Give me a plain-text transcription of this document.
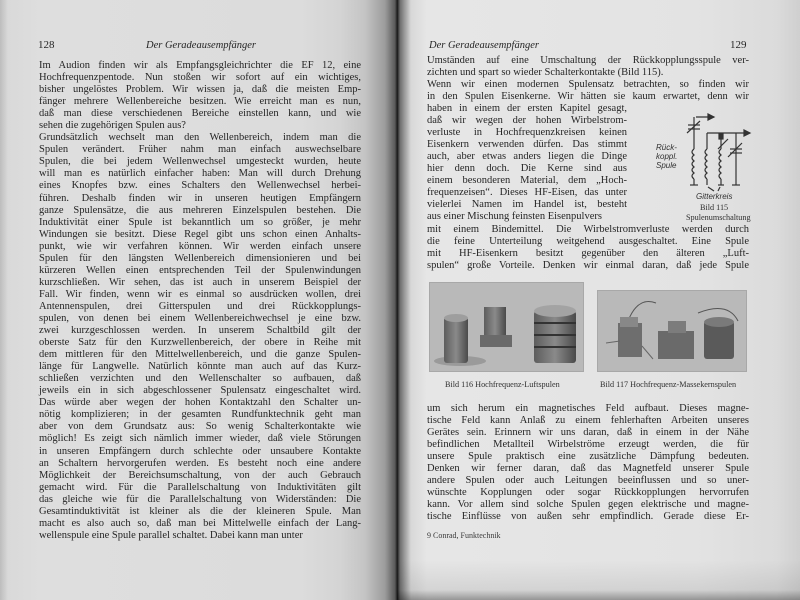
128	Der Geradeausempfänger
Im Audion finden wir als Empfangsgleichrichter die EF 12, eine
Hochfrequenzpentode. Nun stoßen wir sofort auf ein wichtiges,
bisher ungelöstes Problem. Wir wissen ja, daß die meisten Emp-
fänger mehrere Wellenbereiche besitzen. Wie erreicht man es nun,
daß man diese verschiedenen Bereiche einstellen kann, und wie
sehen die zugehörigen Spulen aus?
Grundsätzlich wechselt man den Wellenbereich, indem man die
Spulen verändert. Früher nahm man einfach auswechselbare
Spulen, die bei jedem Wellenwechsel umgesteckt wurden, heute
will man es natürlich einfacher haben: Man will durch Drehung
eines Knopfes bzw. eines Schalters den Wellenwechsel herbei-
führen. Deshalb finden wir in unseren heutigen Empfängern
ganze Spulensätze, die aus mehreren Einzelspulen bestehen. Die
Induktivität einer Spule ist bekanntlich um so größer, je mehr
Windungen sie besitzt. Diese Regel gibt uns schon einen Anhalts-
punkt, wie wir verfahren können. Wir werden einfach unsere
Spulen für den längsten Wellenbereich dimensionieren und bei
kürzeren Wellen einen entsprechenden Teil der Spulenwindungen
kurzschließen. Wir sehen, das ist auch in unserem Beispiel der
Fall. Wir finden, wenn wir es einmal so ausdrücken wollen, drei
Antennenspulen, drei Gitterspulen und drei Rückkopplungs-
spulen, von denen bei einem Wellenbereichwechsel je eine bzw.
zwei kurzgeschlossen werden. In unserem Schaltbild gilt der
oberste Satz für den Kurzwellenbereich, der obere in Reihe mit
dem mittleren für den Mittelwellenbereich, und die ganze Spulen-
länge für Langwelle. Natürlich könnte man auch auf das Kurz-
schließen verzichten und den Wellenschalter so aufbauen, daß
jeweils ein in sich abgeschlossener Spulensatz eingeschaltet wird.
Das würde aber wegen der hohen Kontaktzahl den Schalter un-
nötig komplizieren; in der gesamten Rundfunktechnik geht man
aber von dem Grundsatz aus: So wenig Schalterkontakte wie
möglich! Es zeigt sich nämlich immer wieder, daß viele Störungen
in unseren Empfängern durch schlechte oder unsaubere Kontakte
an Schaltern hervorgerufen werden. Es besteht noch eine andere
Möglichkeit der Bereichsumschaltung, von der auch Gebrauch
gemacht wird. Für die Parallelschaltung von Induktivitäten gilt
das gleiche wie für die Parallelschaltung von Widerständen: Die
Gesamtinduktivität ist kleiner als die der kleineren Spule. Man
macht es also auch so, daß man bei Mittelwelle einfach der Lang-
wellenspule eine Spule parallel schaltet. Dabei kann man unter
Der Geradeausempfänger	129
Umständen auf eine Umschaltung der Rückkopplungsspule ver-
zichten und spart so wieder Schalterkontakte (Bild 115).
Wenn wir einen modernen Spulensatz betrachten, so finden wir
in den Spulen Eisenkerne. Wir hätten sie kaum erwartet, denn wir
haben in einem der ersten Kapitel gesagt,
daß wir wegen der hohen Wirbelstrom-
verluste in Hochfrequenzkreisen keinen
Eisenkern verwenden dürfen. Das stimmt
auch, aber etwas anders liegen die Dinge
hier denn doch. Die Kerne sind aus
einem besonderen Material, dem „Hoch-
frequenzeisen“. Dieses HF-Eisen, das unter
vielerlei Namen im Handel ist, besteht
aus einer Mischung feinsten Eisenpulvers
mit einem Bindemittel. Die Wirbelstromverluste werden durch
die feine Unterteilung weitgehend ausgeschaltet. Eine Spule
mit HF-Eisenkern besitzt gegenüber den älteren „Luft-
spulen“ große Vorteile. Denken wir einmal daran, daß jede Spule
Bild 116 Hochfrequenz-Luftspulen	Bild 117 Hochfrequenz-Massekernspulen
um sich herum ein magnetisches Feld aufbaut. Dieses magne-
tische Feld kann Anlaß zu einem fehlerhaften Arbeiten unseres
Gerätes sein. Erinnern wir uns daran, daß in einem in der Nähe
befindlichen Metallteil Wirbelströme erzeugt werden, die für
unsere Spule praktisch eine zusätzliche Dämpfung bedeuten.
Denken wir ferner daran, daß das Magnetfeld unserer Spule
andere Spulen oder auch Leitungen beeinflussen und so uner-
wünschte Kopplungen oder sogar Rückkopplungen hervorrufen
kann. Vor allem sind solche Spulen gegen elektrische und magne-
tische Einflüsse von außen sehr empfindlich. Gerade diese Er-
9 Conrad, Funktechnik
Rück-
koppl.
Spule
Gitterkreis
Bild 115
Spulenumschaltung
